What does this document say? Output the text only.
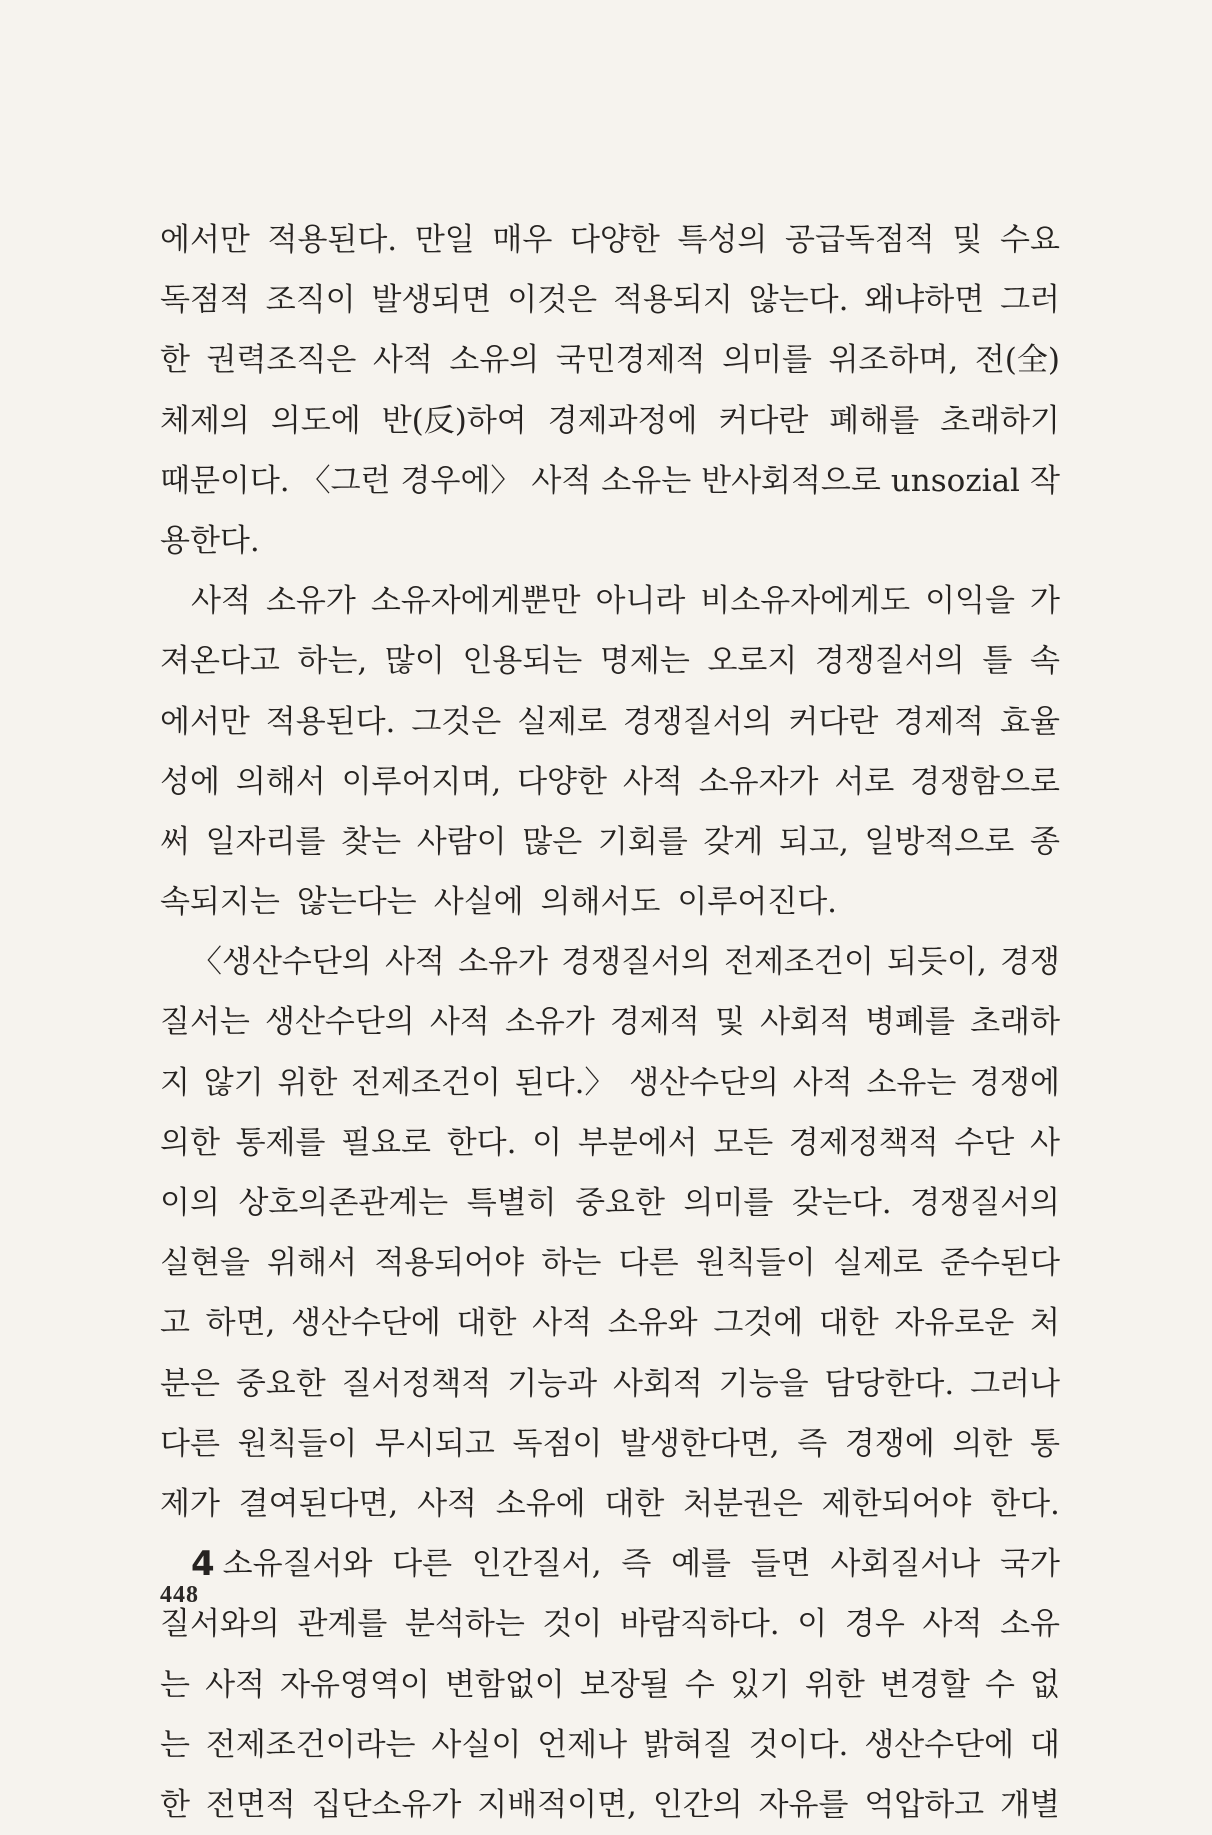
에서만 적용된다. 만일 매우 다양한 특성의 공급독점적 및 수요
독점적 조직이 발생되면 이것은 적용되지 않는다. 왜냐하면 그러
한 권력조직은 사적 소유의 국민경제적 의미를 위조하며, 전(全)
체제의 의도에 반(反)하여 경제과정에 커다란 폐해를 초래하기
때문이다. 〈그런 경우에〉 사적 소유는 반사회적으로 unsozial 작
용한다.
사적 소유가 소유자에게뿐만 아니라 비소유자에게도 이익을 가
져온다고 하는, 많이 인용되는 명제는 오로지 경쟁질서의 틀 속
에서만 적용된다. 그것은 실제로 경쟁질서의 커다란 경제적 효율
성에 의해서 이루어지며, 다양한 사적 소유자가 서로 경쟁함으로
써 일자리를 찾는 사람이 많은 기회를 갖게 되고, 일방적으로 종
속되지는 않는다는 사실에 의해서도 이루어진다.
〈생산수단의 사적 소유가 경쟁질서의 전제조건이 되듯이, 경쟁
질서는 생산수단의 사적 소유가 경제적 및 사회적 병폐를 초래하
지 않기 위한 전제조건이 된다.〉 생산수단의 사적 소유는 경쟁에
의한 통제를 필요로 한다. 이 부분에서 모든 경제정책적 수단 사
이의 상호의존관계는 특별히 중요한 의미를 갖는다. 경쟁질서의
실현을 위해서 적용되어야 하는 다른 원칙들이 실제로 준수된다
고 하면, 생산수단에 대한 사적 소유와 그것에 대한 자유로운 처
분은 중요한 질서정책적 기능과 사회적 기능을 담당한다. 그러나
다른 원칙들이 무시되고 독점이 발생한다면, 즉 경쟁에 의한 통
제가 결여된다면, 사적 소유에 대한 처분권은 제한되어야 한다.
4 소유질서와 다른 인간질서, 즉 예를 들면 사회질서나 국가
질서와의 관계를 분석하는 것이 바람직하다. 이 경우 사적 소유
는 사적 자유영역이 변함없이 보장될 수 있기 위한 변경할 수 없
는 전제조건이라는 사실이 언제나 밝혀질 것이다. 생산수단에 대
한 전면적 집단소유가 지배적이면, 인간의 자유를 억압하고 개별
448
